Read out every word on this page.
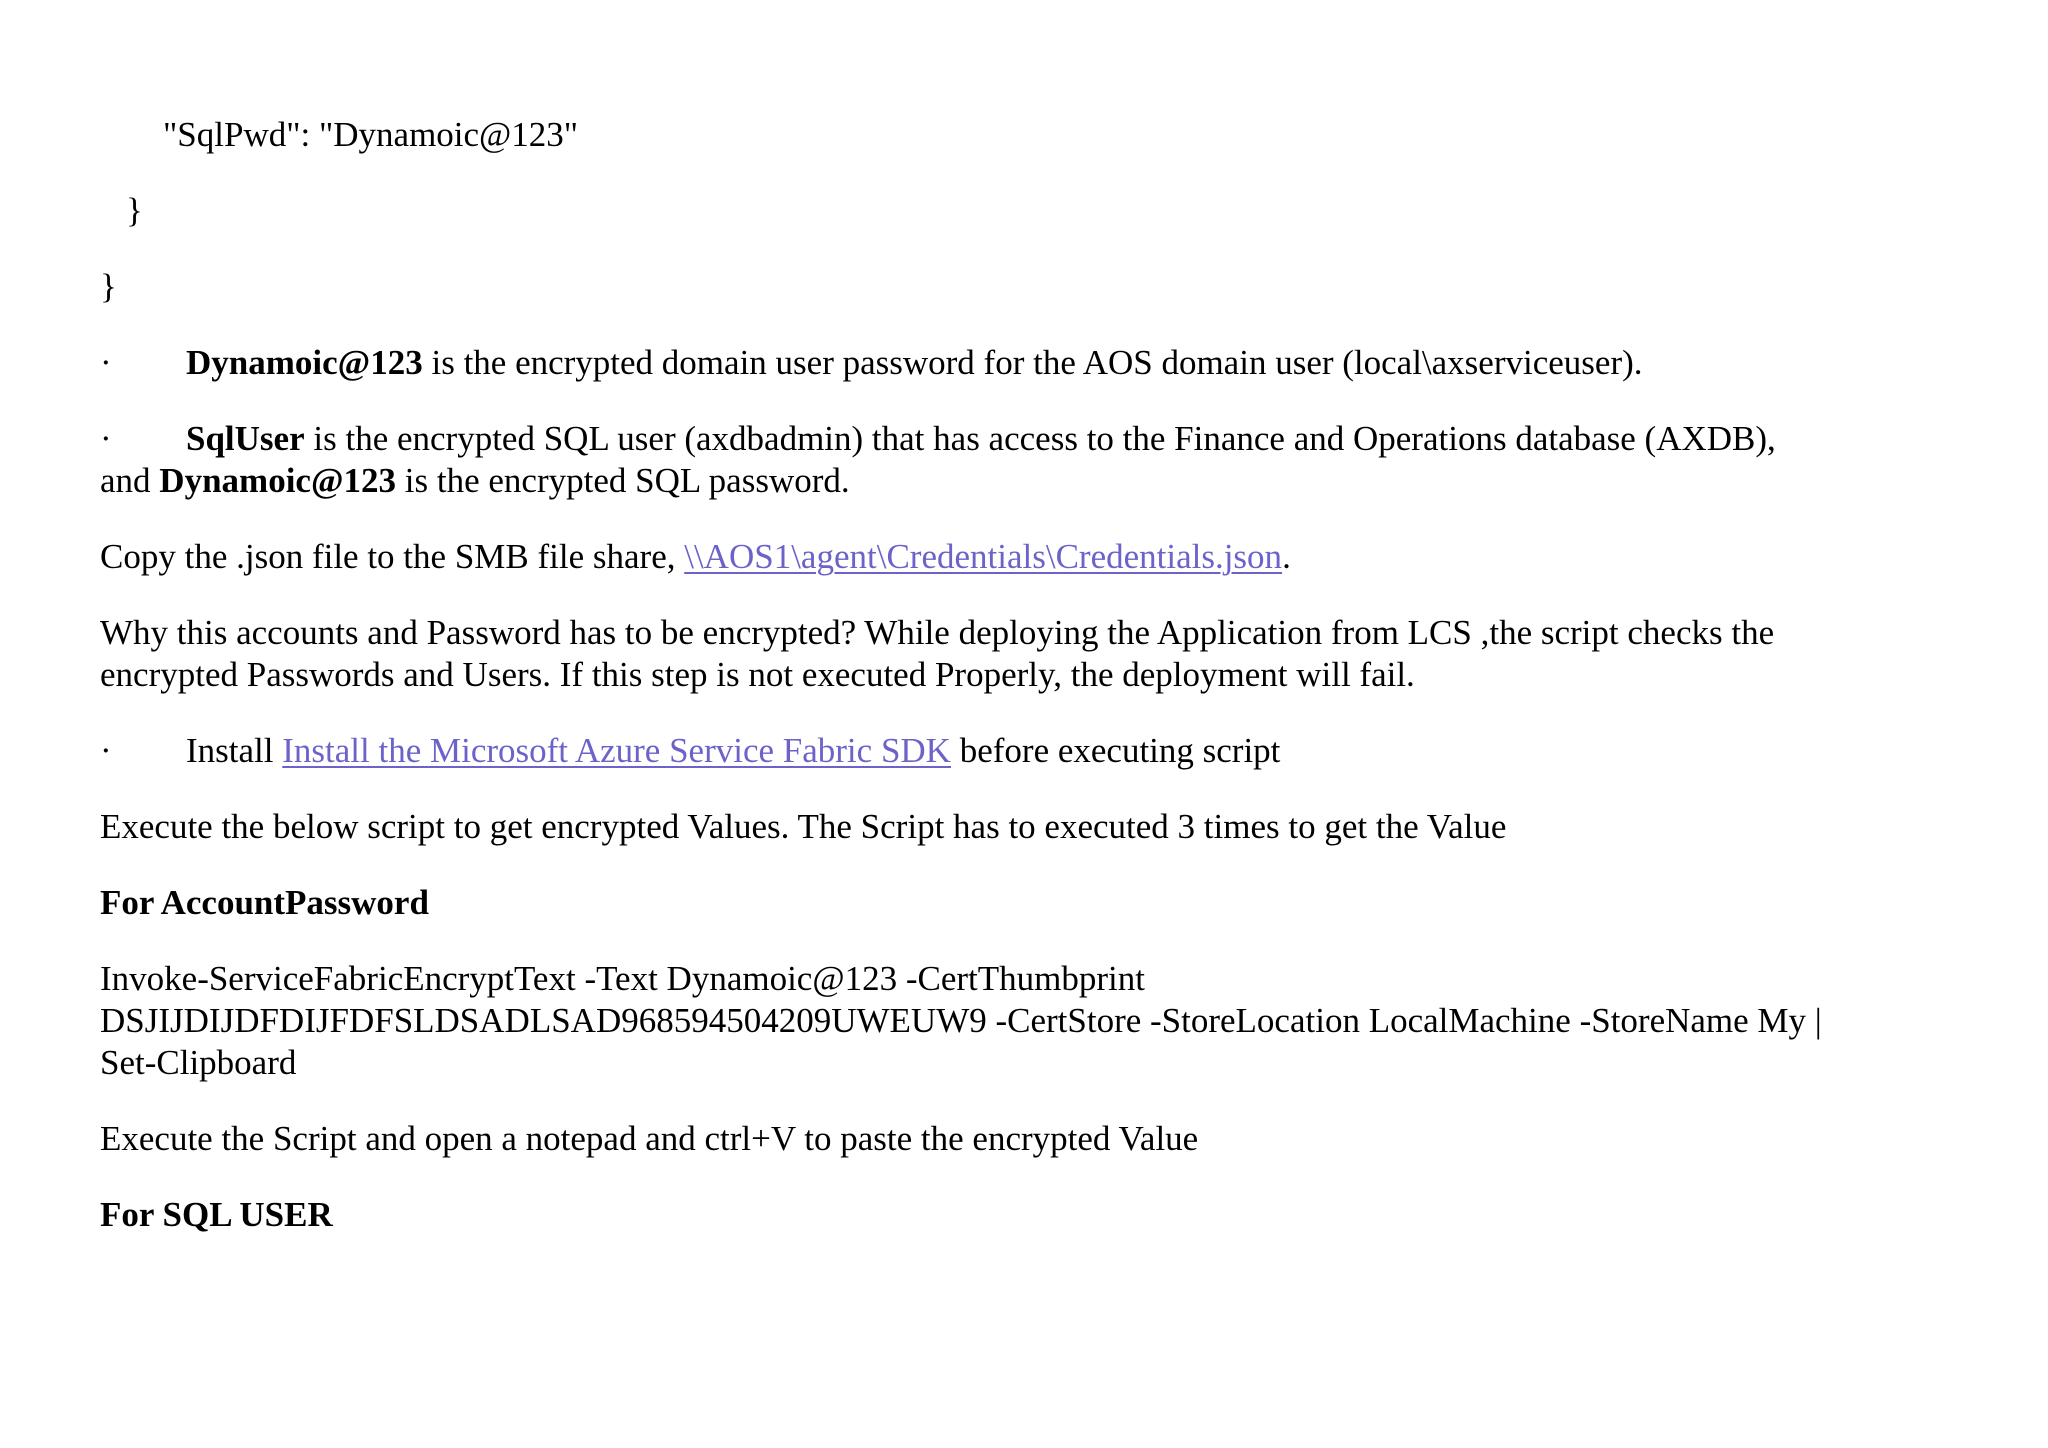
"SqlPwd": "Dynamoic@123"
}
}
· Dynamoic@123 is the encrypted domain user password for the AOS domain user (local\axserviceuser).
· SqlUser is the encrypted SQL user (axdbadmin) that has access to the Finance and Operations database (AXDB),
and Dynamoic@123 is the encrypted SQL password.
Copy the .json file to the SMB file share, \\AOS1\agent\Credentials\Credentials.json.
Why this accounts and Password has to be encrypted? While deploying the Application from LCS ,the script checks the
encrypted Passwords and Users. If this step is not executed Properly, the deployment will fail.
· Install Install the Microsoft Azure Service Fabric SDK before executing script
Execute the below script to get encrypted Values. The Script has to executed 3 times to get the Value
For AccountPassword
Invoke-ServiceFabricEncryptText -Text Dynamoic@123 -CertThumbprint
DSJIJDIJDFDIJFDFSLDSADLSAD968594504209UWEUW9 -CertStore -StoreLocation LocalMachine -StoreName My |
Set-Clipboard
Execute the Script and open a notepad and ctrl+V to paste the encrypted Value
For SQL USER
